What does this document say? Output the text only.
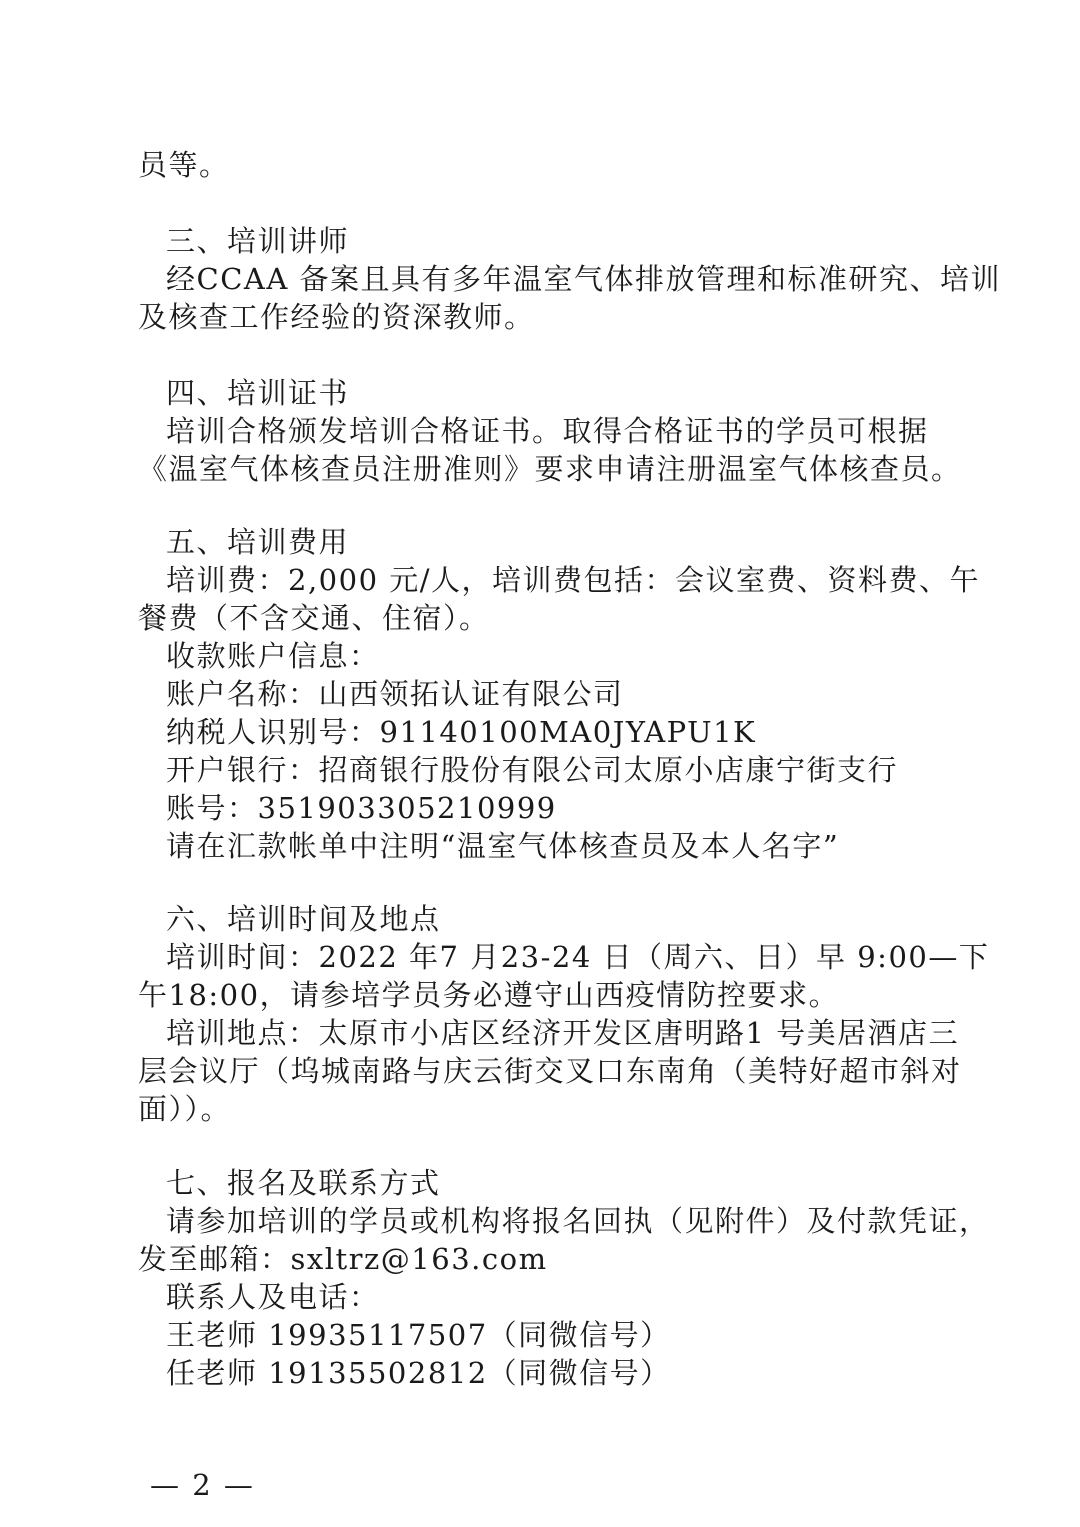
员等。
三、培训讲师
经CCAA 备案且具有多年温室气体排放管理和标准研究、培训
及核查工作经验的资深教师。
四、培训证书
培训合格颁发培训合格证书。取得合格证书的学员可根据
《温室气体核查员注册准则》要求申请注册温室气体核查员。
五、培训费用
培训费：2,000 元/人，培训费包括：会议室费、资料费、午
餐费（不含交通、住宿）。
收款账户信息：
账户名称：山西领拓认证有限公司
纳税人识别号：91140100MA0JYAPU1K
开户银行：招商银行股份有限公司太原小店康宁街支行
账号：351903305210999
请在汇款帐单中注明“温室气体核查员及本人名字”
六、培训时间及地点
培训时间：2022 年7 月23-24 日（周六、日）早 9:00—下
午18:00，请参培学员务必遵守山西疫情防控要求。
培训地点：太原市小店区经济开发区唐明路1 号美居酒店三
层会议厅（坞城南路与庆云街交叉口东南角（美特好超市斜对
面））。
七、报名及联系方式
请参加培训的学员或机构将报名回执（见附件）及付款凭证，
发至邮箱：sxltrz@163.com
联系人及电话：
王老师 19935117507（同微信号）
任老师 19135502812（同微信号）
— 2 —
